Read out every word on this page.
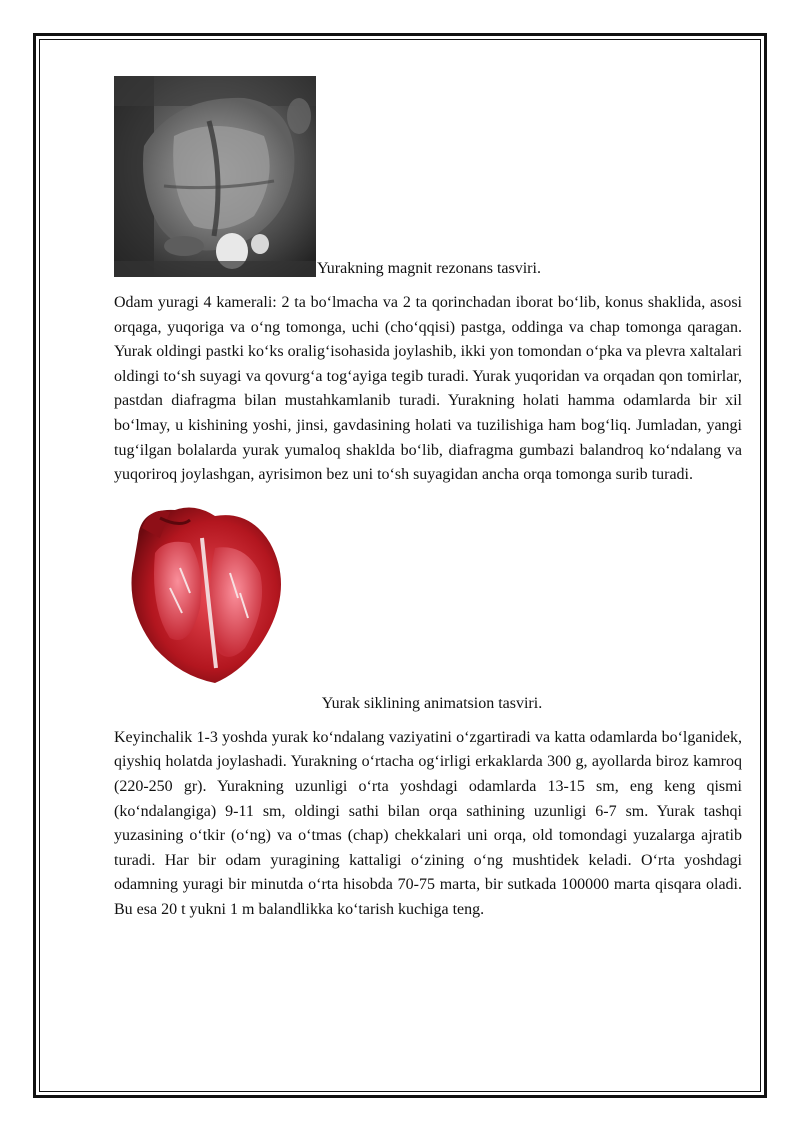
Yurakning magnit rezonans tasviri.

Odam yuragi 4 kamerali: 2 ta bo‘lmacha va 2 ta qorinchadan iborat bo‘lib, konus shaklida, asosi orqaga, yuqoriga va o‘ng tomonga, uchi (cho‘qqisi) pastga, oddinga va chap tomonga qaragan. Yurak oldingi pastki ko‘ks oralig‘isohasida joylashib, ikki yon tomondan o‘pka va plevra xaltalari oldingi to‘sh suyagi va qovurg‘a tog‘ayiga tegib turadi. Yurak yuqoridan va orqadan qon tomirlar, pastdan diafragma bilan mustahkamlanib turadi. Yurakning holati hamma odamlarda bir xil bo‘lmay, u kishining yoshi, jinsi, gavdasining holati va tuzilishiga ham bog‘liq. Jumladan, yangi tug‘ilgan bolalarda yurak yumaloq shaklda bo‘lib, diafragma gumbazi balandroq ko‘ndalang va yuqoriroq joylashgan, ayrisimon bez uni to‘sh suyagidan ancha orqa tomonga surib turadi.

Yurak siklining animatsion tasviri.

Keyinchalik 1-3 yoshda yurak ko‘ndalang vaziyatini o‘zgartiradi va katta odamlarda bo‘lganidek, qiyshiq holatda joylashadi. Yurakning o‘rtacha og‘irligi erkaklarda 300 g, ayollarda biroz kamroq (220-250 gr). Yurakning uzunligi o‘rta yoshdagi odamlarda 13-15 sm, eng keng qismi (ko‘ndalangiga) 9-11 sm, oldingi sathi bilan orqa sathining uzunligi 6-7 sm. Yurak tashqi yuzasining o‘tkir (o‘ng) va o‘tmas (chap) chekkalari uni orqa, old tomondagi yuzalarga ajratib turadi. Har bir odam yuragining kattaligi o‘zining o‘ng mushtidek keladi. O‘rta yoshdagi odamning yuragi bir minutda o‘rta hisobda 70-75 marta, bir sutkada 100000 marta qisqara oladi. Bu esa 20 t yukni 1 m balandlikka ko‘tarish kuchiga teng.
